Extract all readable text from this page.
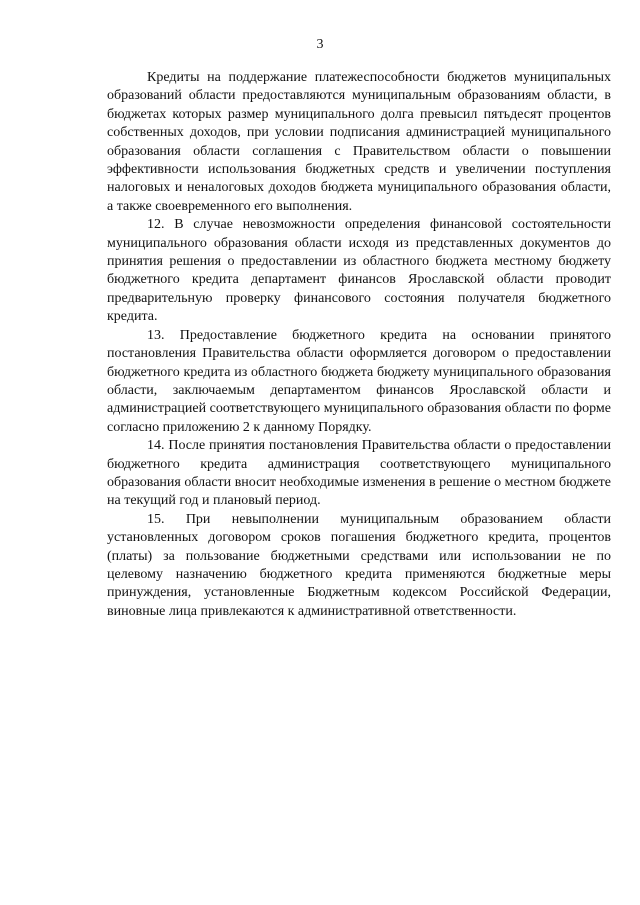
3

Кредиты на поддержание платежеспособности бюджетов муниципальных образований области предоставляются муниципальным образованиям области, в бюджетах которых размер муниципального долга превысил пятьдесят процентов собственных доходов, при условии подписания администрацией муниципального образования области соглашения с Правительством области о повышении эффективности использования бюджетных средств и увеличении поступления налоговых и неналоговых доходов бюджета муниципального образования области, а также своевременного его выполнения.

12. В случае невозможности определения финансовой состоятельности муниципального образования области исходя из представленных документов до принятия решения о предоставлении из областного бюджета местному бюджету бюджетного кредита департамент финансов Ярославской области проводит предварительную проверку финансового состояния получателя бюджетного кредита.

13. Предоставление бюджетного кредита на основании принятого постановления Правительства области оформляется договором о предоставлении бюджетного кредита из областного бюджета бюджету муниципального образования области, заключаемым департаментом финансов Ярославской области и администрацией соответствующего муниципального образования области по форме согласно приложению 2 к данному Порядку.

14. После принятия постановления Правительства области о предоставлении бюджетного кредита администрация соответствующего муниципального образования области вносит необходимые изменения в решение о местном бюджете на текущий год и плановый период.

15. При невыполнении муниципальным образованием области установленных договором сроков погашения бюджетного кредита, процентов (платы) за пользование бюджетными средствами или использовании не по целевому назначению бюджетного кредита применяются бюджетные меры принуждения, установленные Бюджетным кодексом Российской Федерации, виновные лица привлекаются к административной ответственности.
